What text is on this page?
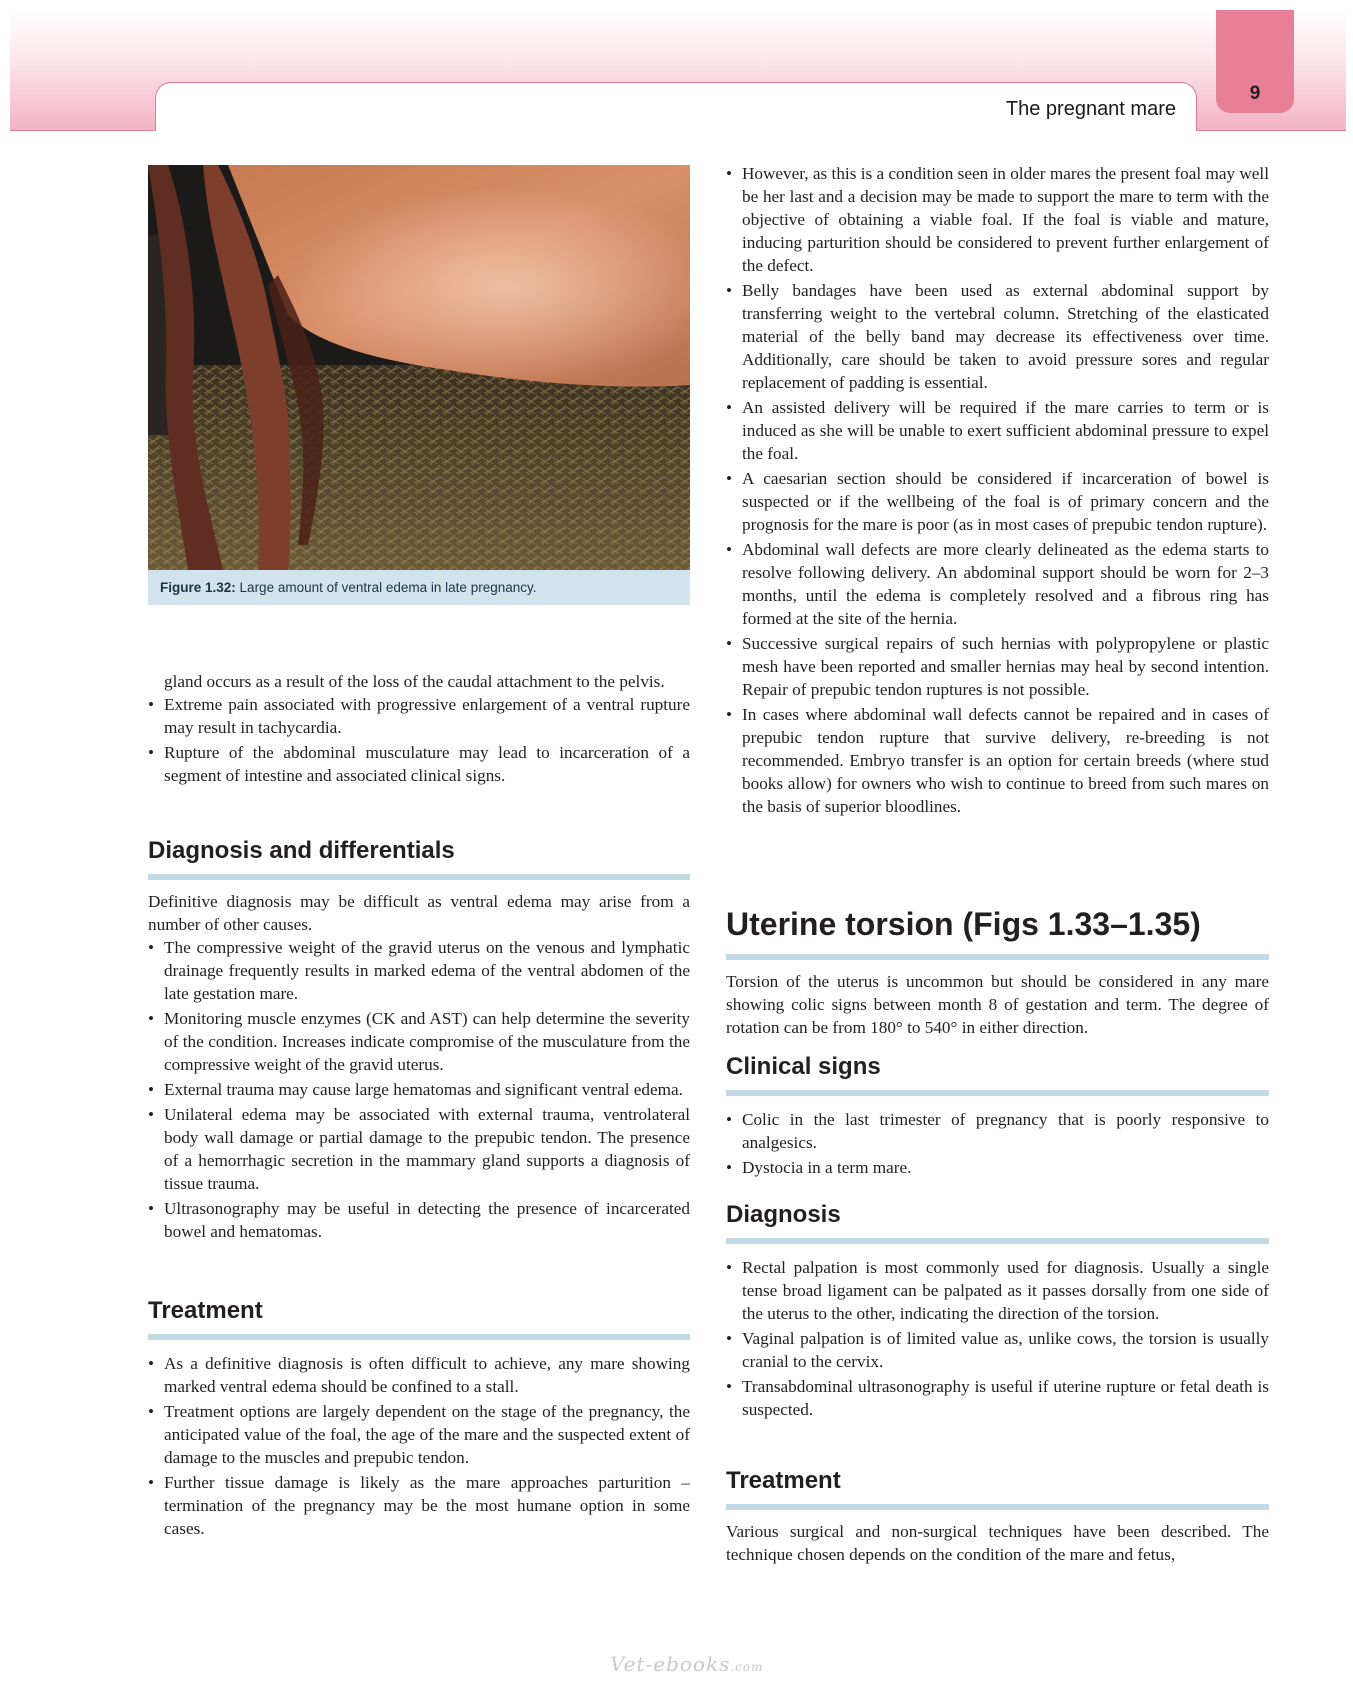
The pregnant mare
9
Figure 1.32: Large amount of ventral edema in late pregnancy.

gland occurs as a result of the loss of the caudal attachment to the pelvis.

• Extreme pain associated with progressive enlargement of a ventral rupture may result in tachycardia.
• Rupture of the abdominal musculature may lead to incarceration of a segment of intestine and associated clinical signs.
Diagnosis and differentials

Definitive diagnosis may be difficult as ventral edema may arise from a number of other causes.

• The compressive weight of the gravid uterus on the venous and lymphatic drainage frequently results in marked edema of the ventral abdomen of the late gestation mare.
• Monitoring muscle enzymes (CK and AST) can help determine the severity of the condition. Increases indicate compromise of the musculature from the compressive weight of the gravid uterus.
• External trauma may cause large hematomas and significant ventral edema.
• Unilateral edema may be associated with external trauma, ventrolateral body wall damage or partial damage to the prepubic tendon. The presence of a hemorrhagic secretion in the mammary gland supports a diagnosis of tissue trauma.
• Ultrasonography may be useful in detecting the presence of incarcerated bowel and hematomas.
Treatment
• As a definitive diagnosis is often difficult to achieve, any mare showing marked ventral edema should be confined to a stall.
• Treatment options are largely dependent on the stage of the pregnancy, the anticipated value of the foal, the age of the mare and the suspected extent of damage to the muscles and prepubic tendon.
• Further tissue damage is likely as the mare approaches parturition – termination of the pregnancy may be the most humane option in some cases.
• However, as this is a condition seen in older mares the present foal may well be her last and a decision may be made to support the mare to term with the objective of obtaining a viable foal. If the foal is viable and mature, inducing parturition should be considered to prevent further enlargement of the defect.
• Belly bandages have been used as external abdominal support by transferring weight to the vertebral column. Stretching of the elasticated material of the belly band may decrease its effectiveness over time. Additionally, care should be taken to avoid pressure sores and regular replacement of padding is essential.
• An assisted delivery will be required if the mare carries to term or is induced as she will be unable to exert sufficient abdominal pressure to expel the foal.
• A caesarian section should be considered if incarceration of bowel is suspected or if the wellbeing of the foal is of primary concern and the prognosis for the mare is poor (as in most cases of prepubic tendon rupture).
• Abdominal wall defects are more clearly delineated as the edema starts to resolve following delivery. An abdominal support should be worn for 2–3 months, until the edema is completely resolved and a fibrous ring has formed at the site of the hernia.
• Successive surgical repairs of such hernias with polypropylene or plastic mesh have been reported and smaller hernias may heal by second intention. Repair of prepubic tendon ruptures is not possible.
• In cases where abdominal wall defects cannot be repaired and in cases of prepubic tendon rupture that survive delivery, re-breeding is not recommended. Embryo transfer is an option for certain breeds (where stud books allow) for owners who wish to continue to breed from such mares on the basis of superior bloodlines.
Uterine torsion (Figs 1.33–1.35)

Torsion of the uterus is uncommon but should be considered in any mare showing colic signs between month 8 of gestation and term. The degree of rotation can be from 180° to 540° in either direction.

Clinical signs
• Colic in the last trimester of pregnancy that is poorly responsive to analgesics.
• Dystocia in a term mare.
Diagnosis
• Rectal palpation is most commonly used for diagnosis. Usually a single tense broad ligament can be palpated as it passes dorsally from one side of the uterus to the other, indicating the direction of the torsion.
• Vaginal palpation is of limited value as, unlike cows, the torsion is usually cranial to the cervix.
• Transabdominal ultrasonography is useful if uterine rupture or fetal death is suspected.
Treatment

Various surgical and non-surgical techniques have been described. The technique chosen depends on the condition of the mare and fetus,

Vet-ebooks.com
